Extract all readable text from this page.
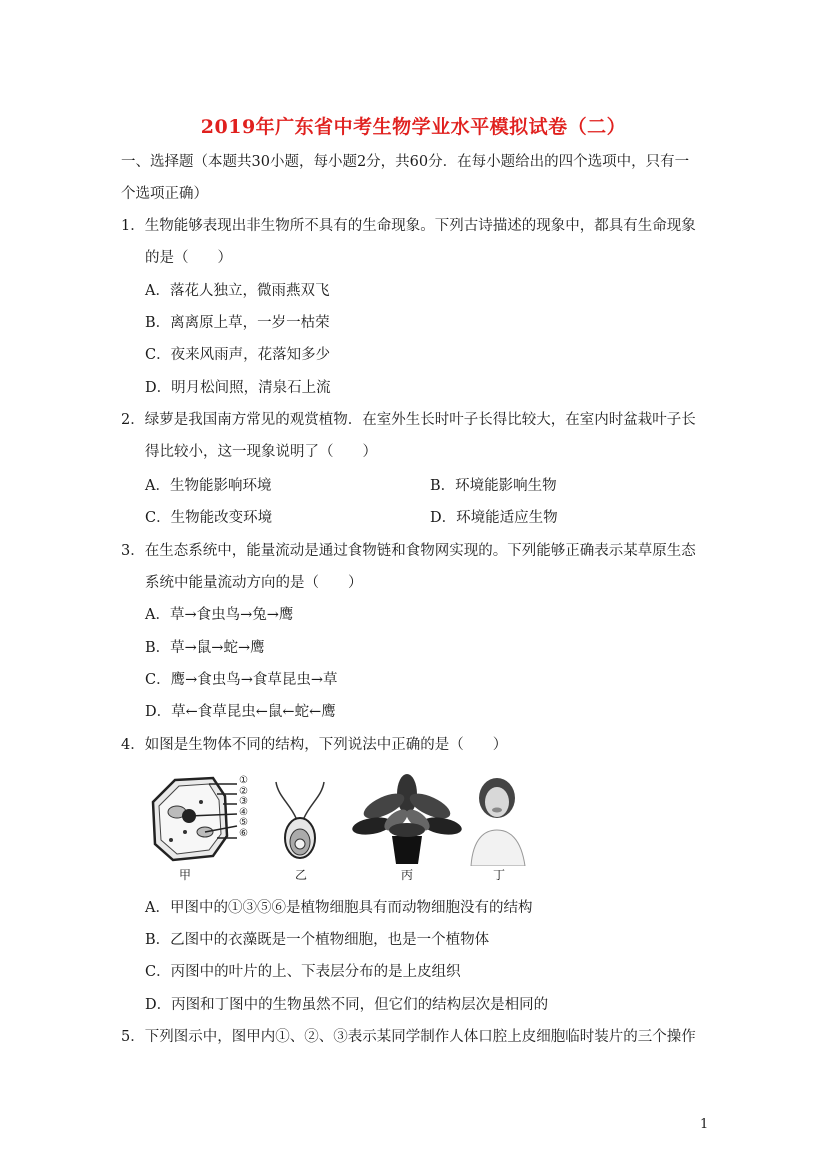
2019年广东省中考生物学业水平模拟试卷（二）
一、选择题（本题共30小题，每小题2分，共60分．在每小题给出的四个选项中，只有一
个选项正确）
1．生物能够表现出非生物所不具有的生命现象。下列古诗描述的现象中，都具有生命现象
的是（　　）
A．落花人独立，微雨燕双飞
B．离离原上草，一岁一枯荣
C．夜来风雨声，花落知多少
D．明月松间照，清泉石上流
2．绿萝是我国南方常见的观赏植物．在室外生长时叶子长得比较大，在室内时盆栽叶子长
得比较小，这一现象说明了（　　）
A．生物能影响环境	B．环境能影响生物
C．生物能改变环境	D．环境能适应生物
3．在生态系统中，能量流动是通过食物链和食物网实现的。下列能够正确表示某草原生态
系统中能量流动方向的是（　　）
A．草→食虫鸟→兔→鹰
B．草→鼠→蛇→鹰
C．鹰→食虫鸟→食草昆虫→草
D．草←食草昆虫←鼠←蛇←鹰
4．如图是生物体不同的结构，下列说法中正确的是（　　）
①
②
③
④
⑤
⑥
甲	乙	丙	丁
A．甲图中的①③⑤⑥是植物细胞具有而动物细胞没有的结构
B．乙图中的衣藻既是一个植物细胞，也是一个植物体
C．丙图中的叶片的上、下表层分布的是上皮组织
D．丙图和丁图中的生物虽然不同，但它们的结构层次是相同的
5．下列图示中，图甲内①、②、③表示某同学制作人体口腔上皮细胞临时装片的三个操作
1
